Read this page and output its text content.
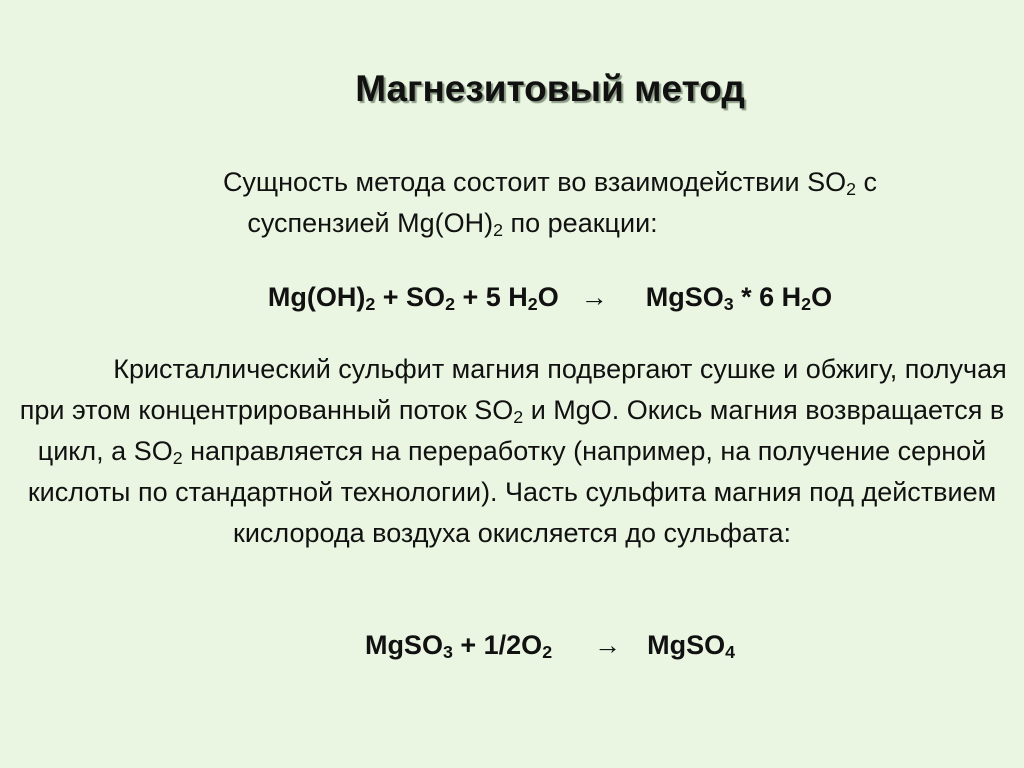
Магнезитовый метод
Сущность метода состоит во взаимодействии $SO_2$ с
суспензией $Mg(OH)_2$ по реакции:
$Mg(OH)_2 + SO_2 + 5$ $H_2O$ → MgSO$_3$ * 6 $H_2O$
Кристаллический сульфит магния подвергают сушке и обжигу, получая при этом концентрированный поток $SO_2$ и MgO. Окись магния возвращается в цикл, а $SO_2$ направляется на переработку (например, на получение серной кислоты по стандартной технологии). Часть сульфита магния под действием кислорода воздуха окисляется до сульфата:
MgSO$_3$ + $1/2O_2$ → MgSO$_4$
